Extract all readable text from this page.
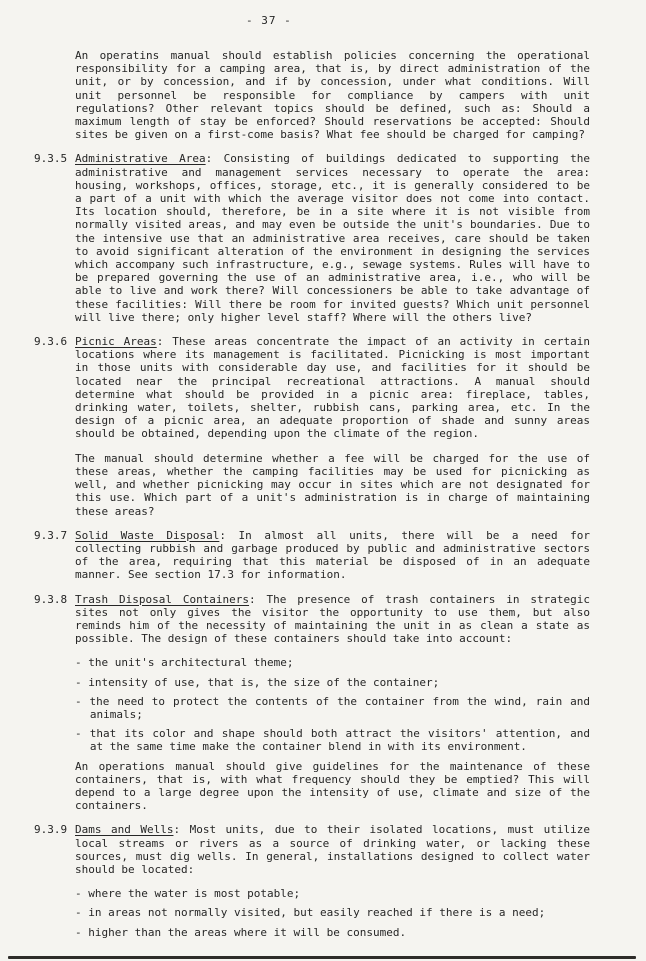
- 37 -

An operatins manual should establish policies concerning the operational responsibility for a camping area, that is, by direct administration of the unit, or by concession, and if by concession, under what conditions. Will unit personnel be responsible for compliance by campers with unit regulations? Other relevant topics should be defined, such as: Should a maximum length of stay be enforced? Should reservations be accepted: Should sites be given on a first-come basis? What fee should be charged for camping?

9.3.5 Administrative Area: Consisting of buildings dedicated to supporting the administrative and management services necessary to operate the area: housing, workshops, offices, storage, etc., it is generally considered to be a part of a unit with which the average visitor does not come into contact. Its location should, therefore, be in a site where it is not visible from normally visited areas, and may even be outside the unit's boundaries. Due to the intensive use that an administrative area receives, care should be taken to avoid significant alteration of the environment in designing the services which accompany such infrastructure, e.g., sewage systems. Rules will have to be prepared governing the use of an administrative area, i.e., who will be able to live and work there? Will concessioners be able to take advantage of these facilities: Will there be room for invited guests? Which unit personnel will live there; only higher level staff? Where will the others live?

9.3.6 Picnic Areas: These areas concentrate the impact of an activity in certain locations where its management is facilitated. Picnicking is most important in those units with considerable day use, and facilities for it should be located near the principal recreational attractions. A manual should determine what should be provided in a picnic area: fireplace, tables, drinking water, toilets, shelter, rubbish cans, parking area, etc. In the design of a picnic area, an adequate proportion of shade and sunny areas should be obtained, depending upon the climate of the region.

The manual should determine whether a fee will be charged for the use of these areas, whether the camping facilities may be used for picnicking as well, and whether picnicking may occur in sites which are not designated for this use. Which part of a unit's administration is in charge of maintaining these areas?

9.3.7 Solid Waste Disposal: In almost all units, there will be a need for collecting rubbish and garbage produced by public and administrative sectors of the area, requiring that this material be disposed of in an adequate manner. See section 17.3 for information.

9.3.8 Trash Disposal Containers: The presence of trash containers in strategic sites not only gives the visitor the opportunity to use them, but also reminds him of the necessity of maintaining the unit in as clean a state as possible. The design of these containers should take into account:

- the unit's architectural theme;

- intensity of use, that is, the size of the container;

- the need to protect the contents of the container from the wind, rain and animals;

- that its color and shape should both attract the visitors' attention, and at the same time make the container blend in with its environment.

An operations manual should give guidelines for the maintenance of these containers, that is, with what frequency should they be emptied? This will depend to a large degree upon the intensity of use, climate and size of the containers.

9.3.9 Dams and Wells: Most units, due to their isolated locations, must utilize local streams or rivers as a source of drinking water, or lacking these sources, must dig wells. In general, installations designed to collect water should be located:

- where the water is most potable;

- in areas not normally visited, but easily reached if there is a need;

- higher than the areas where it will be consumed.
